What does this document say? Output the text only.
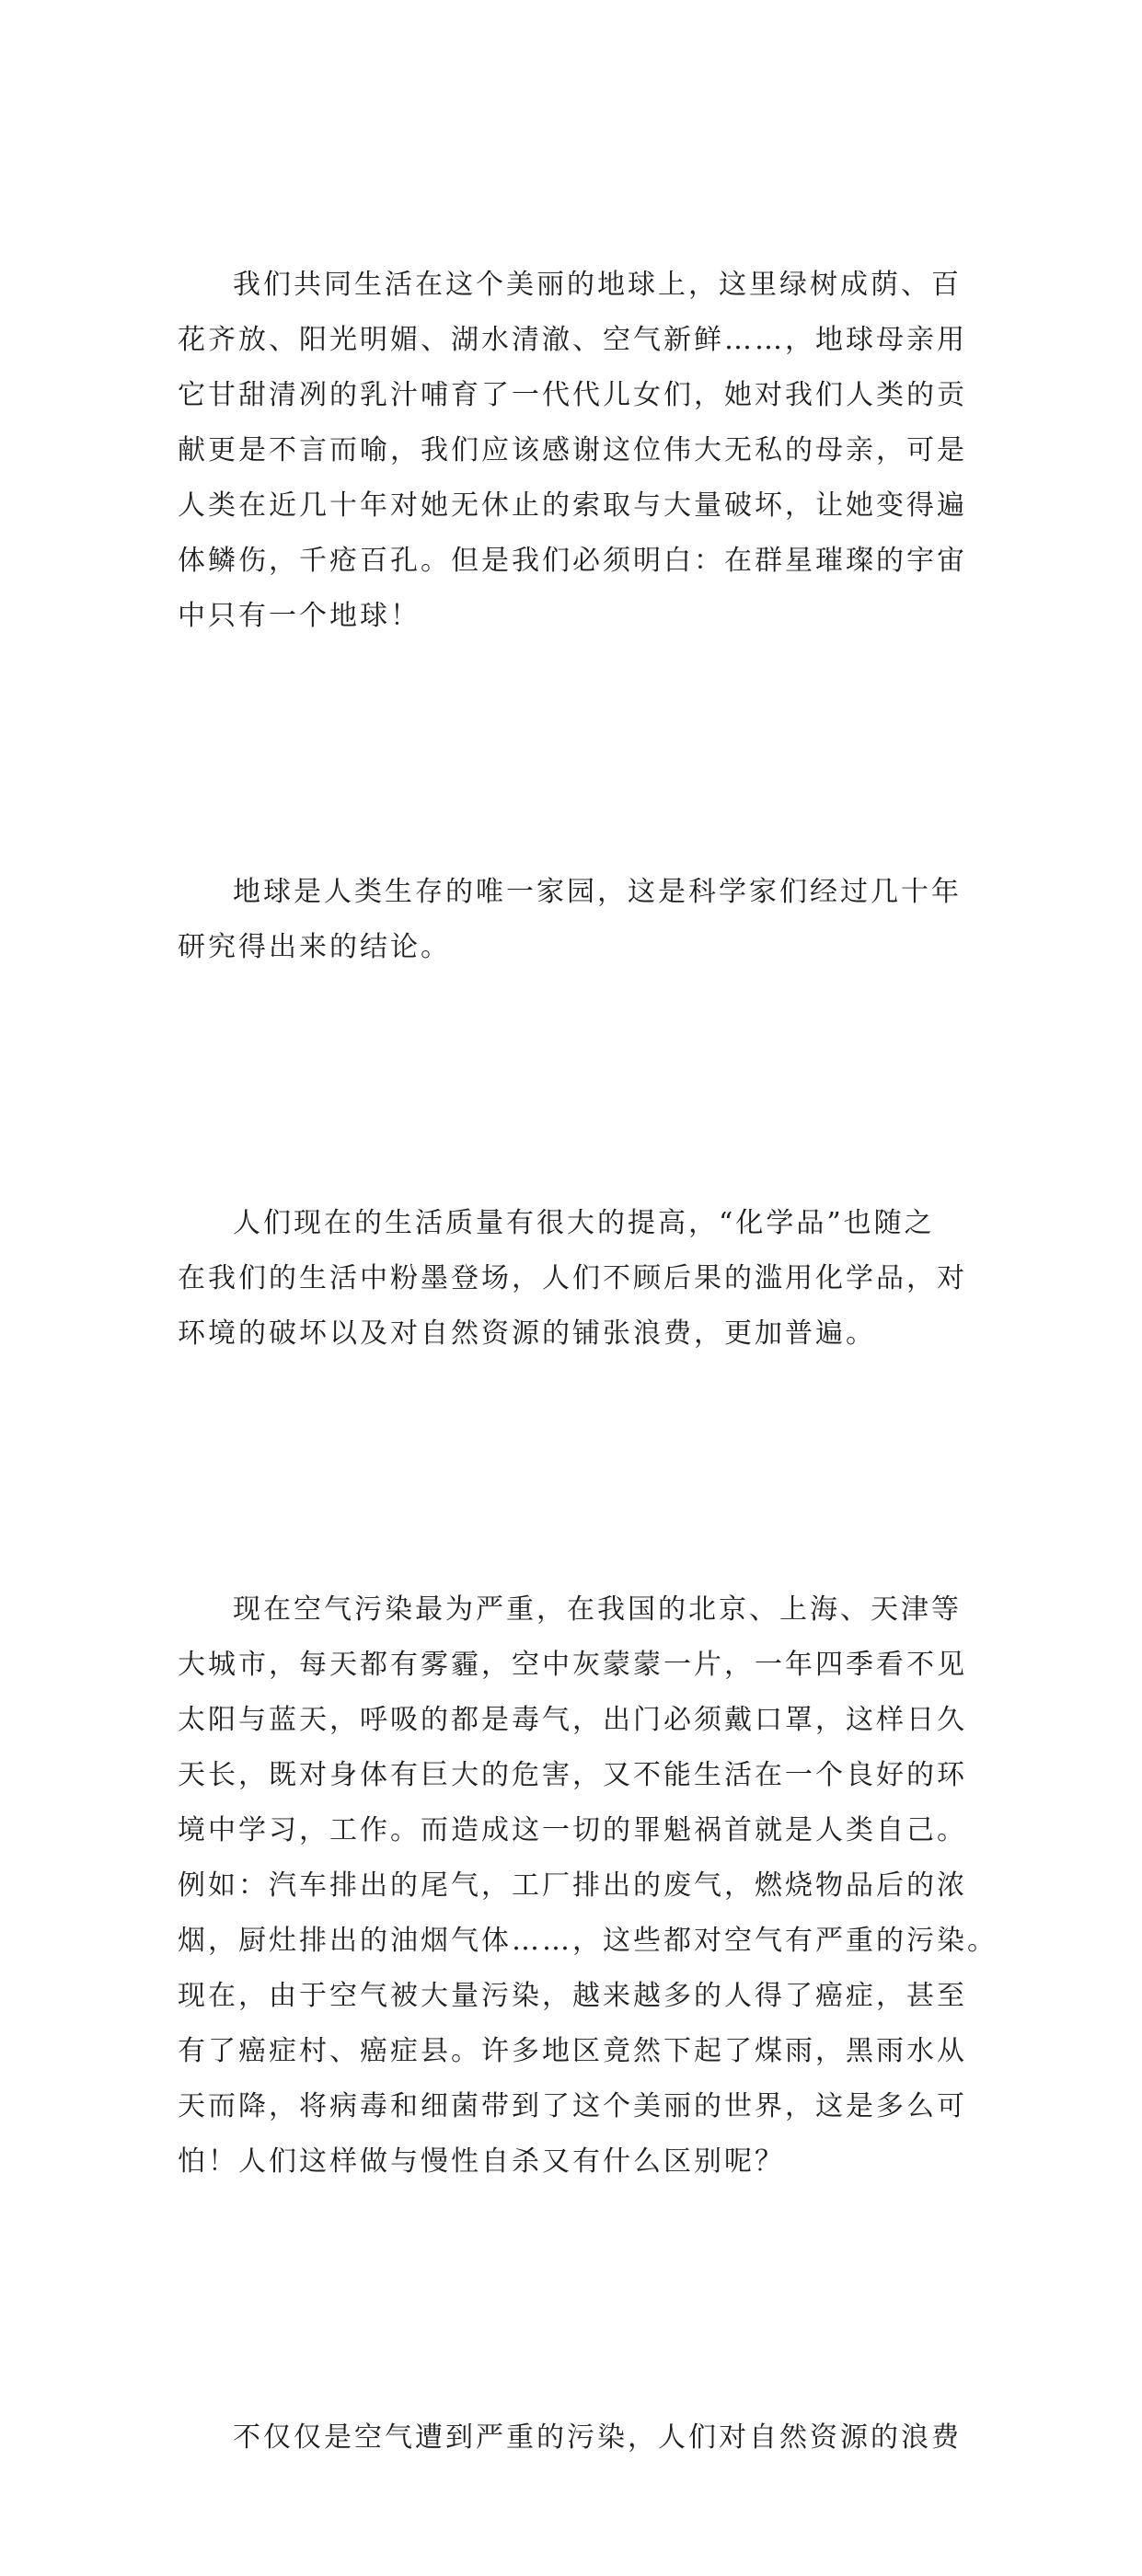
我们共同生活在这个美丽的地球上，这里绿树成荫、百
花齐放、阳光明媚、湖水清澈、空气新鲜……，地球母亲用
它甘甜清冽的乳汁哺育了一代代儿女们，她对我们人类的贡
献更是不言而喻，我们应该感谢这位伟大无私的母亲，可是
人类在近几十年对她无休止的索取与大量破坏，让她变得遍
体鳞伤，千疮百孔。但是我们必须明白：在群星璀璨的宇宙
中只有一个地球！

地球是人类生存的唯一家园，这是科学家们经过几十年
研究得出来的结论。

人们现在的生活质量有很大的提高，“化学品”也随之
在我们的生活中粉墨登场，人们不顾后果的滥用化学品，对
环境的破坏以及对自然资源的铺张浪费，更加普遍。

现在空气污染最为严重，在我国的北京、上海、天津等
大城市，每天都有雾霾，空中灰蒙蒙一片，一年四季看不见
太阳与蓝天，呼吸的都是毒气，出门必须戴口罩，这样日久
天长，既对身体有巨大的危害，又不能生活在一个良好的环
境中学习，工作。而造成这一切的罪魁祸首就是人类自己。
例如：汽车排出的尾气，工厂排出的废气，燃烧物品后的浓
烟，厨灶排出的油烟气体……，这些都对空气有严重的污染。
现在，由于空气被大量污染，越来越多的人得了癌症，甚至
有了癌症村、癌症县。许多地区竟然下起了煤雨，黑雨水从
天而降，将病毒和细菌带到了这个美丽的世界，这是多么可
怕！人们这样做与慢性自杀又有什么区别呢？

不仅仅是空气遭到严重的污染，人们对自然资源的浪费
